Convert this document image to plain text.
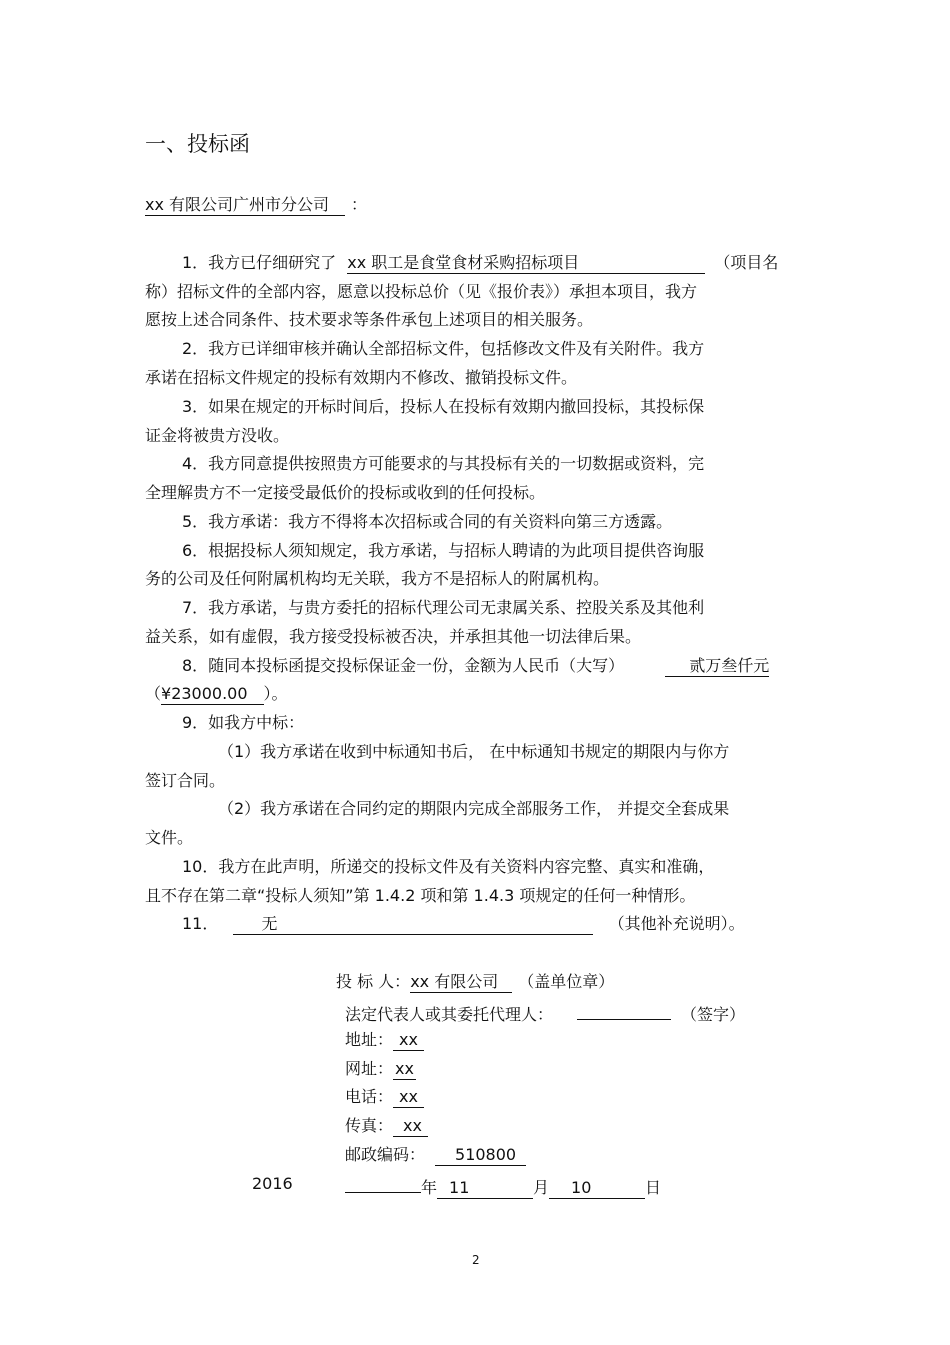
一、投标函
xx 有限公司广州市分公司 ：
1．我方已仔细研究了 xx 职工是食堂食材采购招标项目	（项目名
称）招标文件的全部内容，愿意以投标总价（见《报价表》）承担本项目，我方
愿按上述合同条件、技术要求等条件承包上述项目的相关服务。
2．我方已详细审核并确认全部招标文件，包括修改文件及有关附件。我方
承诺在招标文件规定的投标有效期内不修改、撤销投标文件。
3．如果在规定的开标时间后，投标人在投标有效期内撤回投标，其投标保
证金将被贵方没收。
4．我方同意提供按照贵方可能要求的与其投标有关的一切数据或资料，完
全理解贵方不一定接受最低价的投标或收到的任何投标。
5．我方承诺：我方不得将本次招标或合同的有关资料向第三方透露。
6．根据投标人须知规定，我方承诺，与招标人聘请的为此项目提供咨询服
务的公司及任何附属机构均无关联，我方不是招标人的附属机构。
7．我方承诺，与贵方委托的招标代理公司无隶属关系、控股关系及其他利
益关系，如有虚假，我方接受投标被否决，并承担其他一切法律后果。
8．随同本投标函提交投标保证金一份，金额为人民币（大写）	贰万叁仟元
（¥23000.00 ）。
9．如我方中标：
（1）我方承诺在收到中标通知书后， 在中标通知书规定的期限内与你方
签订合同。
（2）我方承诺在合同约定的期限内完成全部服务工作， 并提交全套成果
文件。
10．我方在此声明，所递交的投标文件及有关资料内容完整、真实和准确，
且不存在第二章“投标人须知”第 1.4.2 项和第 1.4.3 项规定的任何一种情形。
11．	无	（其他补充说明）。
投 标 人：xx 有限公司 （盖单位章）
法定代表人或其委托代理人：	（签字）
地址： xx
网址： xx
电话： xx
传真： xx
邮政编码： 510800
2016	年 11	月 10	日
2
